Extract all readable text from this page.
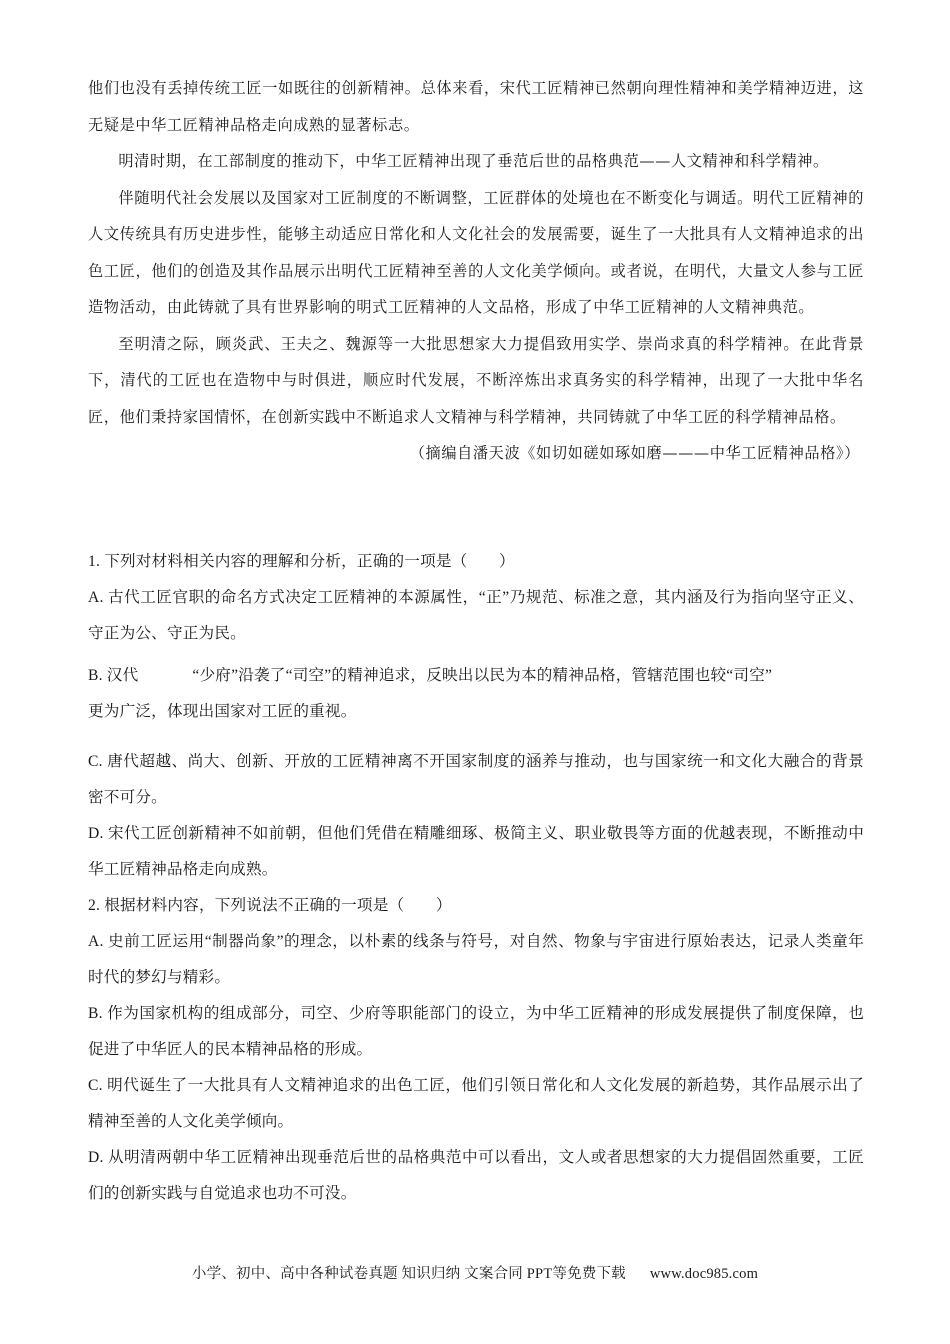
他们也没有丢掉传统工匠一如既往的创新精神。总体来看，宋代工匠精神已然朝向理性精神和美学精神迈进，这无疑是中华工匠精神品格走向成熟的显著标志。

明清时期，在工部制度的推动下，中华工匠精神出现了垂范后世的品格典范——人文精神和科学精神。

伴随明代社会发展以及国家对工匠制度的不断调整，工匠群体的处境也在不断变化与调适。明代工匠精神的人文传统具有历史进步性，能够主动适应日常化和人文化社会的发展需要，诞生了一大批具有人文精神追求的出色工匠，他们的创造及其作品展示出明代工匠精神至善的人文化美学倾向。或者说，在明代，大量文人参与工匠造物活动，由此铸就了具有世界影响的明式工匠精神的人文品格，形成了中华工匠精神的人文精神典范。

至明清之际，顾炎武、王夫之、魏源等一大批思想家大力提倡致用实学、崇尚求真的科学精神。在此背景下，清代的工匠也在造物中与时俱进，顺应时代发展，不断淬炼出求真务实的科学精神，出现了一大批中华名匠，他们秉持家国情怀，在创新实践中不断追求人文精神与科学精神，共同铸就了中华工匠的科学精神品格。

（摘编自潘天波《如切如磋如琢如磨———中华工匠精神品格》）

1. 下列对材料相关内容的理解和分析，正确的一项是（　　）

A. 古代工匠官职的命名方式决定工匠精神的本源属性，“正”乃规范、标准之意，其内涵及行为指向坚守正义、守正为公、守正为民。

B. 汉代	“少府”沿袭了“司空”的精神追求，反映出以民为本的精神品格，管辖范围也较“司空”
更为广泛，体现出国家对工匠的重视。

C. 唐代超越、尚大、创新、开放的工匠精神离不开国家制度的涵养与推动，也与国家统一和文化大融合的背景密不可分。

D. 宋代工匠创新精神不如前朝，但他们凭借在精雕细琢、极简主义、职业敬畏等方面的优越表现，不断推动中华工匠精神品格走向成熟。

2. 根据材料内容，下列说法不正确的一项是（　　）

A. 史前工匠运用“制器尚象”的理念，以朴素的线条与符号，对自然、物象与宇宙进行原始表达，记录人类童年时代的梦幻与精彩。

B. 作为国家机构的组成部分，司空、少府等职能部门的设立，为中华工匠精神的形成发展提供了制度保障，也促进了中华匠人的民本精神品格的形成。

C. 明代诞生了一大批具有人文精神追求的出色工匠，他们引领日常化和人文化发展的新趋势，其作品展示出了精神至善的人文化美学倾向。

D. 从明清两朝中华工匠精神出现垂范后世的品格典范中可以看出，文人或者思想家的大力提倡固然重要，工匠们的创新实践与自觉追求也功不可没。

小学、初中、高中各种试卷真题 知识归纳 文案合同 PPT等免费下载 www.doc985.com
